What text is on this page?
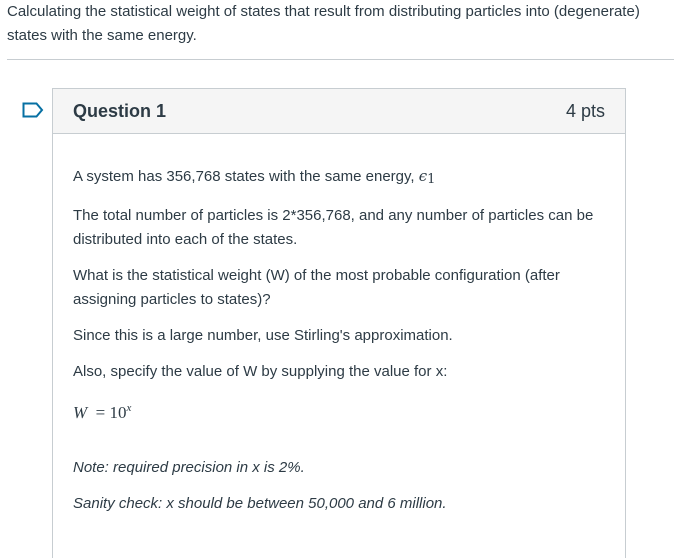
Calculating the statistical weight of states that result from distributing particles into (degenerate) states with the same energy.
Question 1	4 pts

A system has 356,768 states with the same energy, $\epsilon_1$

The total number of particles is 2*356,768, and any number of particles can be distributed into each of the states.

What is the statistical weight (W) of the most probable configuration (after assigning particles to states)?

Since this is a large number, use Stirling's approximation.

Also, specify the value of W by supplying the value for x:

$W = 10^x$

Note: required precision in x is 2%.

Sanity check: x should be between 50,000 and 6 million.
